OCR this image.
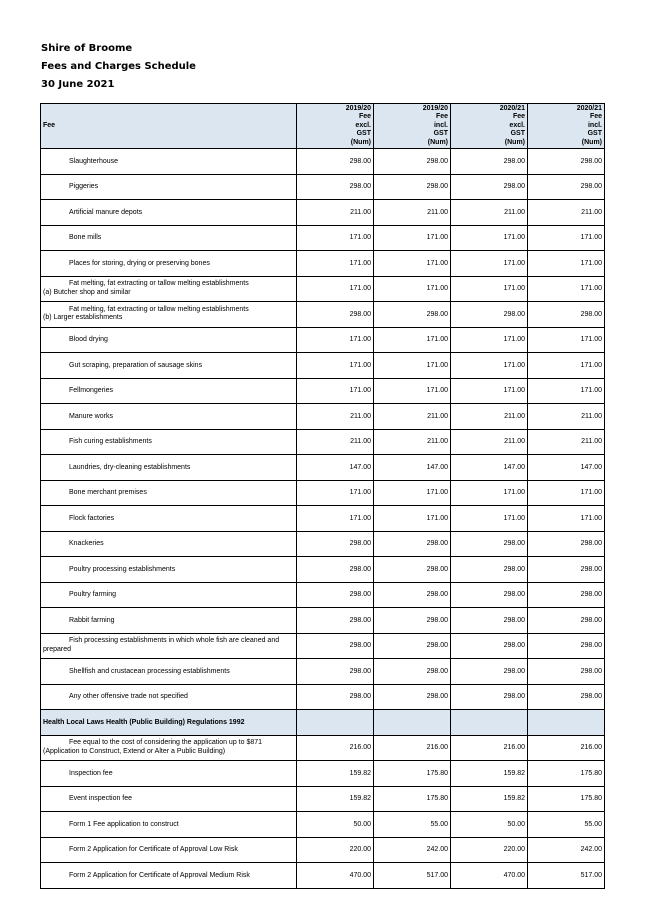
Shire of Broome
Fees and Charges Schedule
30 June 2021
Fee	2019/20
Fee
excl.
GST
(Num)	2019/20
Fee
incl.
GST
(Num)	2020/21
Fee
excl.
GST
(Num)	2020/21
Fee
incl.
GST
(Num)
Slaughterhouse	298.00	298.00	298.00	298.00
Piggeries	298.00	298.00	298.00	298.00
Artificial manure depots	211.00	211.00	211.00	211.00
Bone mills	171.00	171.00	171.00	171.00
Places for storing, drying or preserving bones	171.00	171.00	171.00	171.00

Fat melting, fat extracting or tallow melting establishments
(a) Butcher shop and similar	171.00	171.00	171.00	171.00

Fat melting, fat extracting or tallow melting establishments
(b) Larger establishments	298.00	298.00	298.00	298.00
Blood drying	171.00	171.00	171.00	171.00
Gut scraping, preparation of sausage skins	171.00	171.00	171.00	171.00
Fellmongeries	171.00	171.00	171.00	171.00
Manure works	211.00	211.00	211.00	211.00
Fish curing establishments	211.00	211.00	211.00	211.00
Laundries, dry-cleaning establishments	147.00	147.00	147.00	147.00
Bone merchant premises	171.00	171.00	171.00	171.00
Flock factories	171.00	171.00	171.00	171.00
Knackeries	298.00	298.00	298.00	298.00
Poultry processing establishments	298.00	298.00	298.00	298.00
Poultry farming	298.00	298.00	298.00	298.00
Rabbit farming	298.00	298.00	298.00	298.00

Fish processing establishments in which whole fish are cleaned and
prepared	298.00	298.00	298.00	298.00
Shellfish and crustacean processing establishments	298.00	298.00	298.00	298.00
Any other offensive trade not specified	298.00	298.00	298.00	298.00
Health Local Laws Health (Public Building) Regulations 1992				

Fee equal to the cost of considering the application up to $871
(Application to Construct, Extend or Alter a Public Building)	216.00	216.00	216.00	216.00
Inspection fee	159.82	175.80	159.82	175.80
Event inspection fee	159.82	175.80	159.82	175.80
Form 1 Fee application to construct	50.00	55.00	50.00	55.00
Form 2 Application for Certificate of Approval Low Risk	220.00	242.00	220.00	242.00
Form 2 Application for Certificate of Approval Medium Risk	470.00	517.00	470.00	517.00
